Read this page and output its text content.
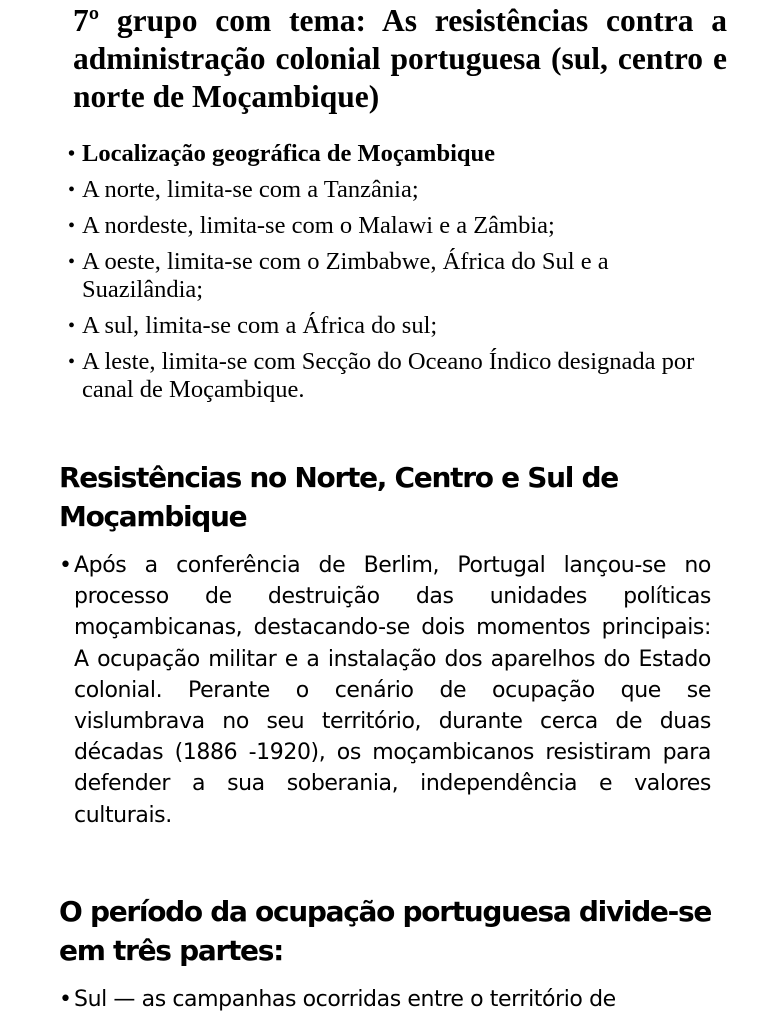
7º grupo com tema: As resistências contra a administração colonial portuguesa (sul, centro e norte de Moçambique)
• Localização geográfica de Moçambique
• A norte, limita-se com a Tanzânia;
• A nordeste, limita-se com o Malawi e a Zâmbia;
• A oeste, limita-se com o Zimbabwe, África do Sul e a Suazilândia;
• A sul, limita-se com a África do sul;
• A leste, limita-se com Secção do Oceano Índico designada por canal de Moçambique.
Resistências no Norte, Centro e Sul de Moçambique
• Após a conferência de Berlim, Portugal lançou-se no processo de destruição das unidades políticas moçambicanas, destacando-se dois momentos principais: A ocupação militar e a instalação dos aparelhos do Estado colonial. Perante o cenário de ocupação que se vislumbrava no seu território, durante cerca de duas décadas (1886 -1920), os moçambicanos resistiram para defender a sua soberania, independência e valores culturais.
O período da ocupação portuguesa divide-se em três partes:
• Sul — as campanhas ocorridas entre o território de
